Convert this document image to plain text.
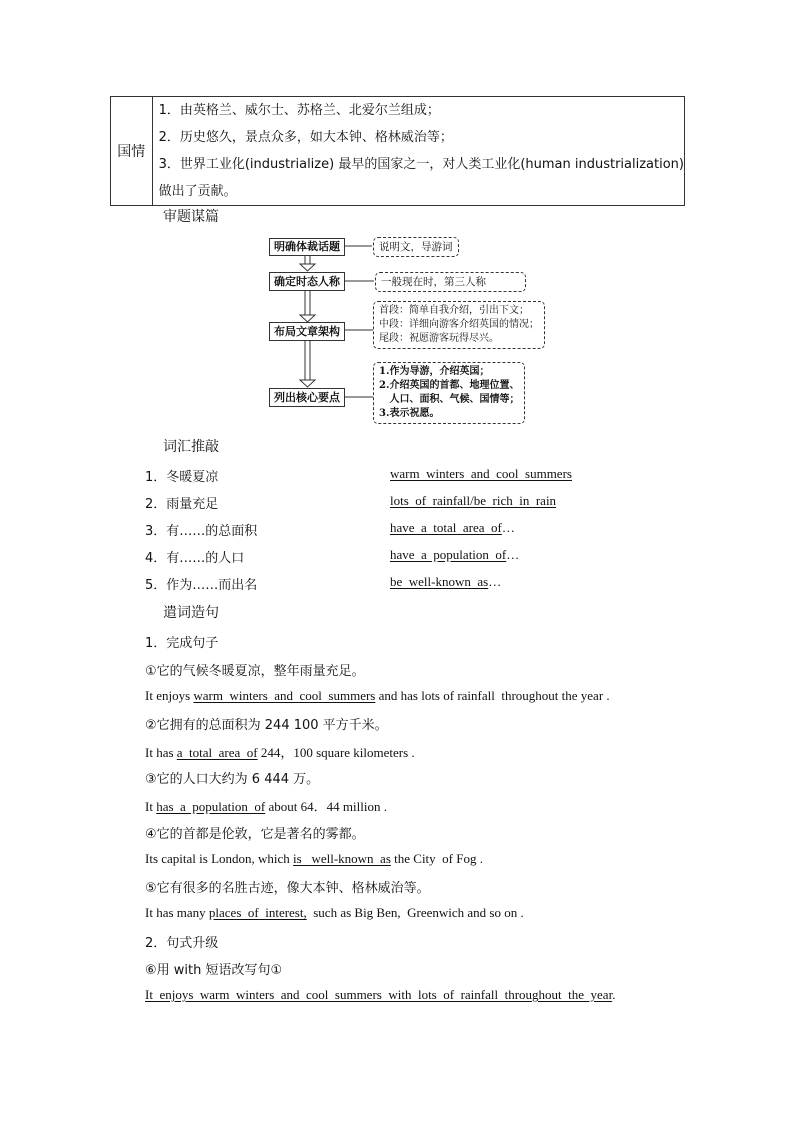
国情	
1．由英格兰、威尔士、苏格兰、北爱尔兰组成；
2．历史悠久，景点众多，如大本钟、格林威治等；
3．世界工业化(industrialize) 最早的国家之一，对人类工业化(human industrialization)
做出了贡献。
审题谋篇
明确体裁话题
确定时态人称
布局文章架构
列出核心要点
说明文，导游词
一般现在时，第三人称
首段：简单自我介绍，引出下文；
中段：详细向游客介绍英国的情况；
尾段：祝愿游客玩得尽兴。
1.作为导游，介绍英国；
2.介绍英国的首都、地理位置、
人口、面积、气候、国情等；
3.表示祝愿。
词汇推敲
1．冬暖夏凉	warm  winters  and  cool  summers
2．雨量充足	lots  of  rainfall/be  rich  in  rain
3．有……的总面积	have  a  total  area  of…
4．有……的人口	have  a  population  of…
5．作为……而出名	be  well-known  as…
遣词造句
1．完成句子
①它的气候冬暖夏凉，整年雨量充足。
It enjoys warm  winters  and  cool  summers and has lots of rainfall  throughout the year .
②它拥有的总面积为 244 100 平方千米。
It has a  total  area  of 244，100 square kilometers .
③它的人口大约为 6 444 万。
It has  a  population  of about 64．44 million .
④它的首都是伦敦，它是著名的雾都。
Its capital is London, which is   well-known  as the City  of Fog .
⑤它有很多的名胜古迹，像大本钟、格林威治等。
It has many places  of  interest,  such as Big Ben,  Greenwich and so on .
2．句式升级
⑥用 with 短语改写句①
It  enjoys  warm  winters  and  cool  summers  with  lots  of  rainfall  throughout  the  year.
